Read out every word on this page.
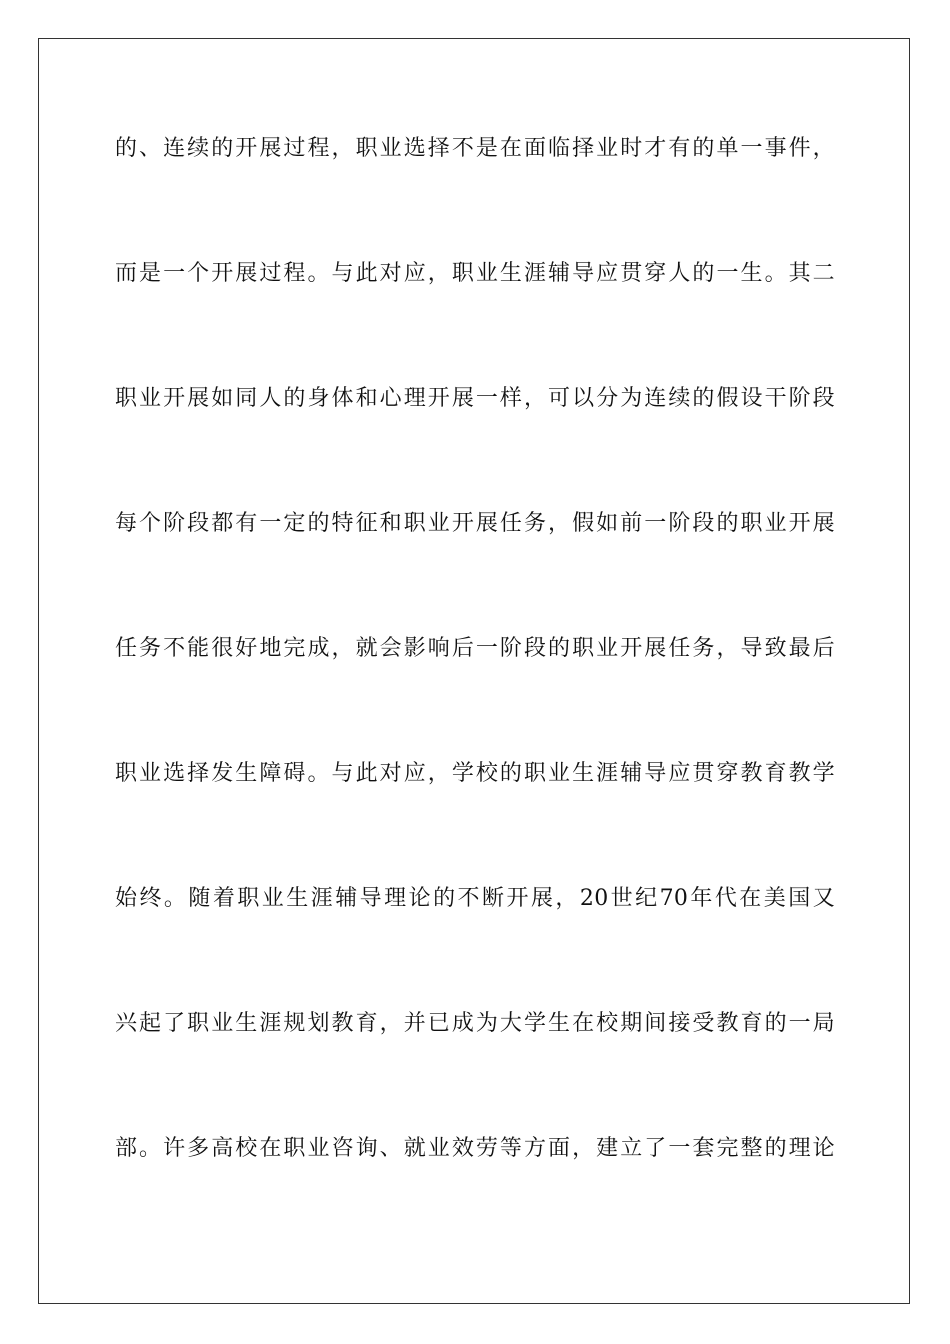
的、连续的开展过程，职业选择不是在面临择业时才有的单一事件，
而是一个开展过程。与此对应，职业生涯辅导应贯穿人的一生。其二
职业开展如同人的身体和心理开展一样，可以分为连续的假设干阶段
每个阶段都有一定的特征和职业开展任务，假如前一阶段的职业开展
任务不能很好地完成，就会影响后一阶段的职业开展任务，导致最后
职业选择发生障碍。与此对应，学校的职业生涯辅导应贯穿教育教学
始终。随着职业生涯辅导理论的不断开展，20世纪70年代在美国又
兴起了职业生涯规划教育，并已成为大学生在校期间接受教育的一局
部。许多高校在职业咨询、就业效劳等方面，建立了一套完整的理论
